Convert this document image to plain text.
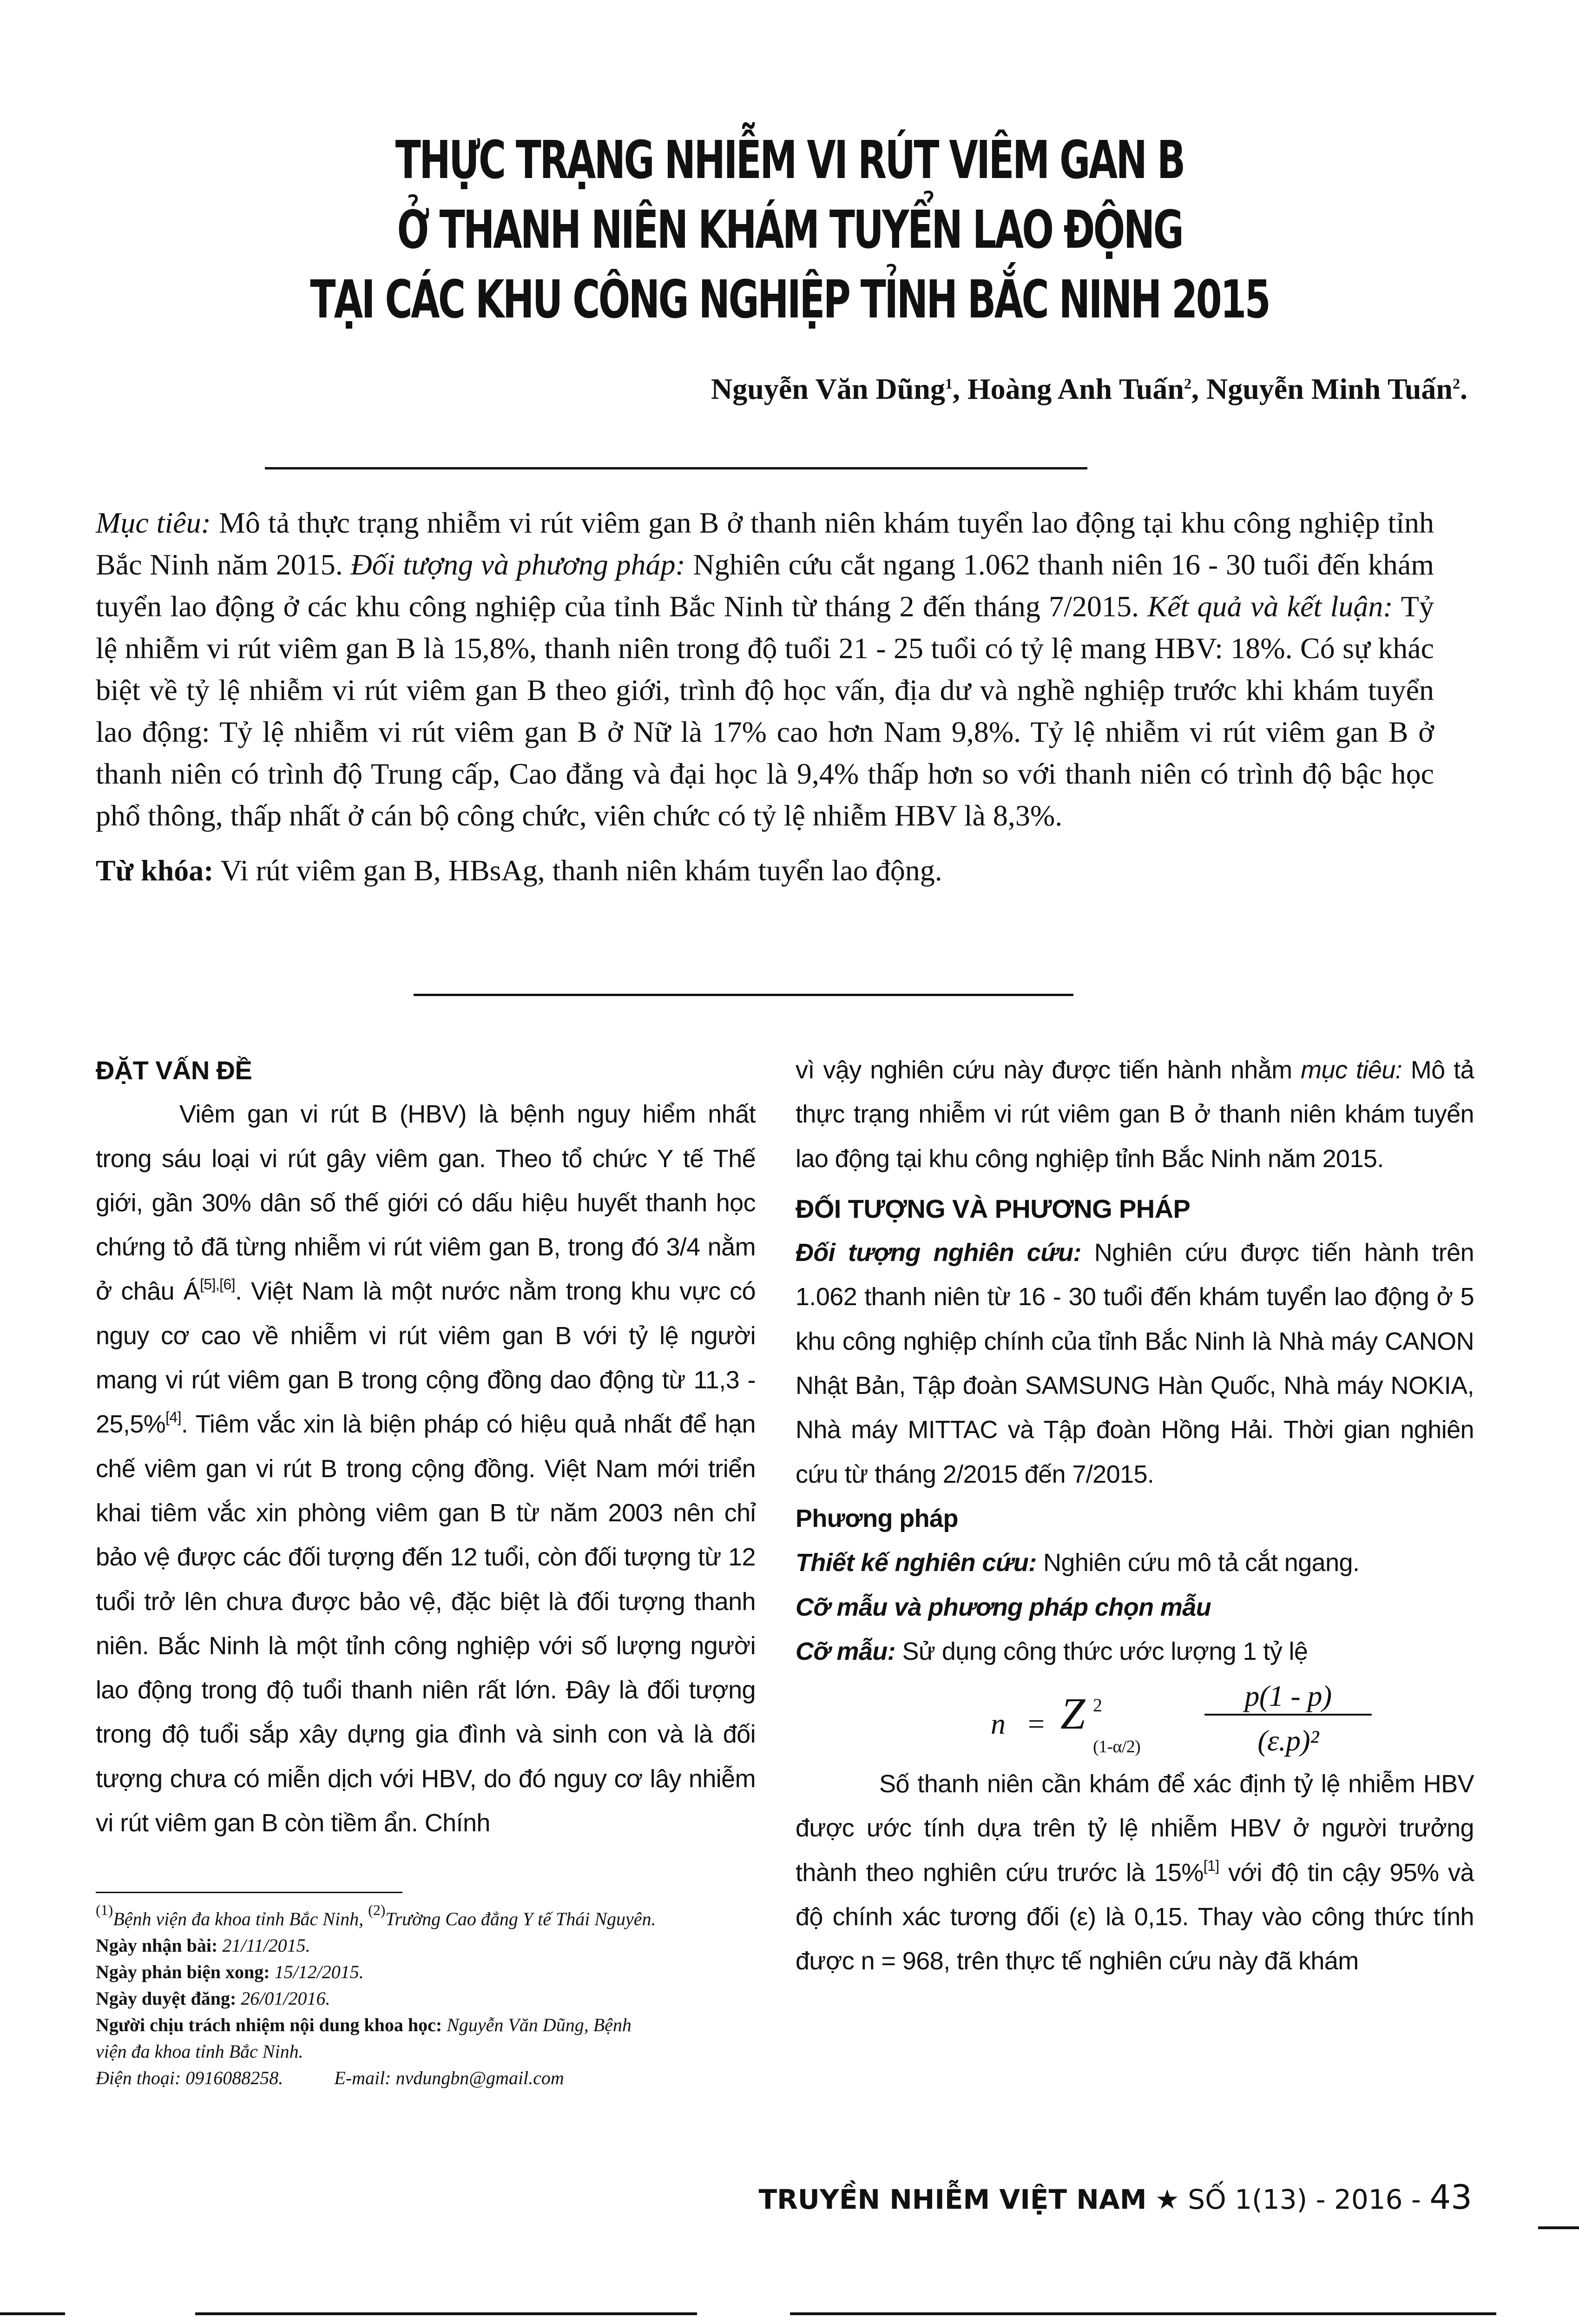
THỰC TRẠNG NHIỄM VI RÚT VIÊM GAN B
Ở THANH NIÊN KHÁM TUYỂN LAO ĐỘNG
TẠI CÁC KHU CÔNG NGHIỆP TỈNH BẮC NINH 2015
Nguyễn Văn Dũng$^1$, Hoàng Anh Tuấn$^2$, Nguyễn Minh Tuấn$^2$.

Mục tiêu: Mô tả thực trạng nhiễm vi rút viêm gan B ở thanh niên khám tuyển lao động tại khu công nghiệp tỉnh Bắc Ninh năm 2015. Đối tượng và phương pháp: Nghiên cứu cắt ngang 1.062 thanh niên 16 - 30 tuổi đến khám tuyển lao động ở các khu công nghiệp của tỉnh Bắc Ninh từ tháng 2 đến tháng 7/2015. Kết quả và kết luận: Tỷ lệ nhiễm vi rút viêm gan B là 15,8%, thanh niên trong độ tuổi 21 - 25 tuổi có tỷ lệ mang HBV: 18%. Có sự khác biệt về tỷ lệ nhiễm vi rút viêm gan B theo giới, trình độ học vấn, địa dư và nghề nghiệp trước khi khám tuyển lao động: Tỷ lệ nhiễm vi rút viêm gan B ở Nữ là 17% cao hơn Nam 9,8%. Tỷ lệ nhiễm vi rút viêm gan B ở thanh niên có trình độ Trung cấp, Cao đẳng và đại học là 9,4% thấp hơn so với thanh niên có trình độ bậc học phổ thông, thấp nhất ở cán bộ công chức, viên chức có tỷ lệ nhiễm HBV là 8,3%.

Từ khóa: Vi rút viêm gan B, HBsAg, thanh niên khám tuyển lao động.

ĐẶT VẤN ĐỀ

Viêm gan vi rút B (HBV) là bệnh nguy hiểm nhất trong sáu loại vi rút gây viêm gan. Theo tổ chức Y tế Thế giới, gần 30% dân số thế giới có dấu hiệu huyết thanh học chứng tỏ đã từng nhiễm vi rút viêm gan B, trong đó 3/4 nằm ở châu Á[5],[6]. Việt Nam là một nước nằm trong khu vực có nguy cơ cao về nhiễm vi rút viêm gan B với tỷ lệ người mang vi rút viêm gan B trong cộng đồng dao động từ 11,3 - 25,5%[4]. Tiêm vắc xin là biện pháp có hiệu quả nhất để hạn chế viêm gan vi rút B trong cộng đồng. Việt Nam mới triển khai tiêm vắc xin phòng viêm gan B từ năm 2003 nên chỉ bảo vệ được các đối tượng đến 12 tuổi, còn đối tượng từ 12 tuổi trở lên chưa được bảo vệ, đặc biệt là đối tượng thanh niên. Bắc Ninh là một tỉnh công nghiệp với số lượng người lao động trong độ tuổi thanh niên rất lớn. Đây là đối tượng trong độ tuổi sắp xây dựng gia đình và sinh con và là đối tượng chưa có miễn dịch với HBV, do đó nguy cơ lây nhiễm vi rút viêm gan B còn tiềm ẩn. Chính

vì vậy nghiên cứu này được tiến hành nhằm mục tiêu: Mô tả thực trạng nhiễm vi rút viêm gan B ở thanh niên khám tuyển lao động tại khu công nghiệp tỉnh Bắc Ninh năm 2015.

ĐỐI TƯỢNG VÀ PHƯƠNG PHÁP

Đối tượng nghiên cứu: Nghiên cứu được tiến hành trên 1.062 thanh niên từ 16 - 30 tuổi đến khám tuyển lao động ở 5 khu công nghiệp chính của tỉnh Bắc Ninh là Nhà máy CANON Nhật Bản, Tập đoàn SAMSUNG Hàn Quốc, Nhà máy NOKIA, Nhà máy MITTAC và Tập đoàn Hồng Hải. Thời gian nghiên cứu từ tháng 2/2015 đến 7/2015.

Phương pháp

Thiết kế nghiên cứu: Nghiên cứu mô tả cắt ngang.

Cỡ mẫu và phương pháp chọn mẫu

Cỡ mẫu: Sử dụng công thức ước lượng 1 tỷ lệ

n = Z 2
(1-α/2)
p(1 - p)
(ε.p)²

Số thanh niên cần khám để xác định tỷ lệ nhiễm HBV được ước tính dựa trên tỷ lệ nhiễm HBV ở người trưởng thành theo nghiên cứu trước là 15%[1] với độ tin cậy 95% và độ chính xác tương đối (ε) là 0,15. Thay vào công thức tính được n = 968, trên thực tế nghiên cứu này đã khám

$^{(1)}$Bệnh viện đa khoa tỉnh Bắc Ninh, $^{(2)}$Trường Cao đẳng Y tế Thái Nguyên.
Ngày nhận bài: 21/11/2015.
Ngày phản biện xong: 15/12/2015.
Ngày duyệt đăng: 26/01/2016.
Người chịu trách nhiệm nội dung khoa học: Nguyễn Văn Dũng, Bệnh
viện đa khoa tỉnh Bắc Ninh.
Điện thoại: 0916088258.	E-mail: nvdungbn@gmail.com
TRUYỀN NHIỄM VIỆT NAM ★ SỐ 1(13) - 2016 - 43
